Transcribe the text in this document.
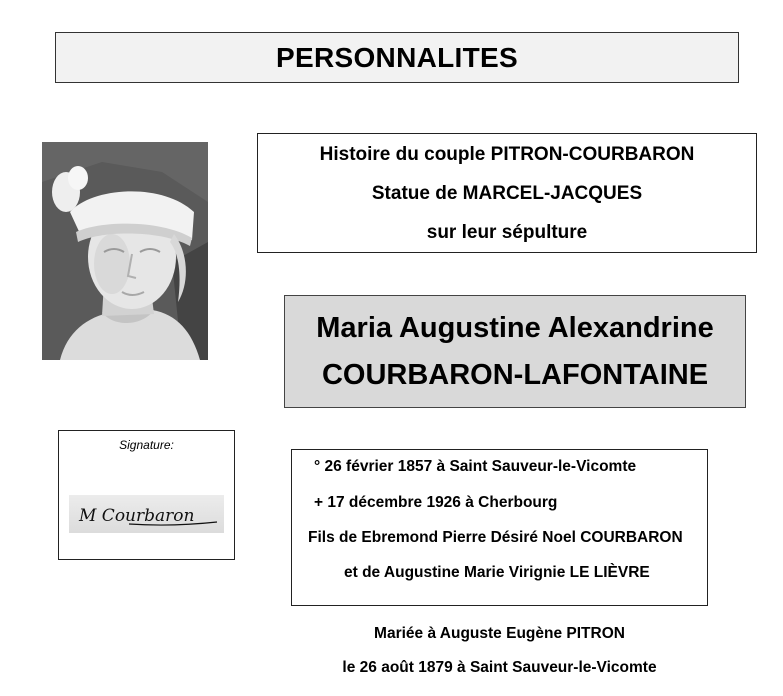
PERSONNALITES
Histoire du couple PITRON-COURBARON
Statue de MARCEL-JACQUES
sur leur sépulture
Maria Augustine Alexandrine
COURBARON-LAFONTAINE
Signature:
M Courbaron
° 26 février 1857 à Saint Sauveur-le-Vicomte
+ 17 décembre 1926 à Cherbourg
Fils de Ebremond Pierre Désiré Noel COURBARON
et de Augustine Marie Virignie LE LIÈVRE
Mariée à Auguste Eugène PITRON
le 26 août 1879 à Saint Sauveur-le-Vicomte
